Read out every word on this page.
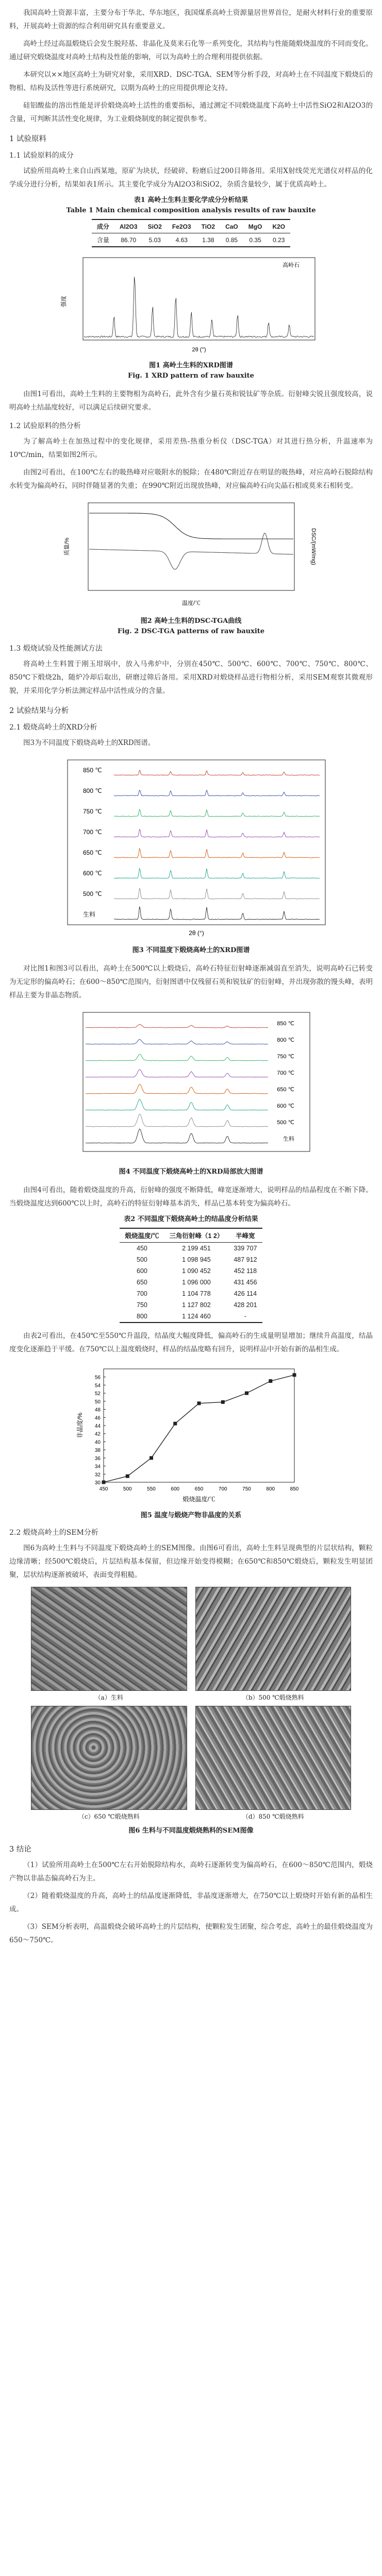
我国高岭土资源丰富，主要分布于华北、华东地区，我国煤系高岭土资源量居世界首位，是耐火材料行业的重要原料，开展高岭土资源的综合利用研究具有重要意义。

高岭土经过高温煅烧后会发生脱羟基、非晶化及莫来石化等一系列变化，其结构与性能随煅烧温度的不同而变化。通过研究煅烧温度对高岭土结构及性能的影响，可以为高岭土的合理利用提供依据。

本研究以××地区高岭土为研究对象，采用XRD、DSC-TGA、SEM等分析手段，对高岭土在不同温度下煅烧后的物相、结构及活性等进行系统研究，以期为高岭土的应用提供理论支持。

硅铝酸盐的溶出性能是评价煅烧高岭土活性的重要指标，通过测定不同煅烧温度下高岭土中活性SiO2和Al2O3的含量，可判断其活性变化规律，为工业煅烧制度的制定提供参考。

1 试验原料
1.1 试验原料的成分

试验所用高岭土来自山西某地，原矿为块状，经破碎、粉磨后过200目筛备用。采用X射线荧光光谱仪对样品的化学成分进行分析，结果如表1所示。其主要化学成分为Al2O3和SiO2，杂质含量较少，属于优质高岭土。

表1 高岭土生料主要化学成分分析结果
Table 1 Main chemical composition analysis results of raw bauxite
成分	Al2O3	SiO2	Fe2O3	TiO2	CaO	MgO	K2O
含量	86.70	5.03	4.63	1.38	0.85	0.35	0.23
高岭石
2θ (°)
强度
图1 高岭土生料的XRD图谱
Fig. 1 XRD pattern of raw bauxite

由图1可看出，高岭土生料的主要物相为高岭石，此外含有少量石英和锐钛矿等杂质。衍射峰尖锐且强度较高，说明高岭土结晶度较好，可以满足后续研究要求。

1.2 试验原料的热分析

为了解高岭土在加热过程中的变化规律，采用差热-热重分析仪（DSC-TGA）对其进行热分析，升温速率为10℃/min，结果如图2所示。

由图2可看出，在100℃左右的吸热峰对应吸附水的脱除；在480℃附近存在明显的吸热峰，对应高岭石脱除结构水转变为偏高岭石，同时伴随显著的失重；在990℃附近出现放热峰，对应偏高岭石向尖晶石相或莫来石相转变。

温度/℃
质量/%	DSC/(mW/mg)
图2 高岭土生料的DSC-TGA曲线
Fig. 2 DSC-TGA patterns of raw bauxite
1.3 煅烧试验及性能测试方法

将高岭土生料置于刚玉坩埚中，放入马弗炉中，分别在450℃、500℃、600℃、700℃、750℃、800℃、850℃下煅烧2h，随炉冷却后取出，研磨过筛后备用。采用XRD对煅烧样品进行物相分析，采用SEM观察其微观形貌，并采用化学分析法测定样品中活性成分的含量。

2 试验结果与分析
2.1 煅烧高岭土的XRD分析

图3为不同温度下煅烧高岭土的XRD图谱。

850 ℃
800 ℃
750 ℃
700 ℃
650 ℃
600 ℃
500 ℃
生料
2θ (°)
图3 不同温度下煅烧高岭土的XRD图谱

对比图1和图3可以看出，高岭土在500℃以上煅烧后，高岭石特征衍射峰逐渐减弱直至消失，说明高岭石已转变为无定形的偏高岭石；在600～850℃范围内，衍射图谱中仅残留石英和锐钛矿的衍射峰，并出现弥散的馒头峰，表明样品主要为非晶态物质。

850 ℃
800 ℃
750 ℃
700 ℃
650 ℃
600 ℃
500 ℃
生料
图4 不同温度下煅烧高岭土的XRD局部放大图谱

由图4可看出，随着煅烧温度的升高，衍射峰的强度不断降低，峰宽逐渐增大，说明样品的结晶程度在不断下降。当煅烧温度达到600℃以上时，高岭石的特征衍射峰基本消失，样品已基本转变为偏高岭石。

表2 不同温度下煅烧高岭土的结晶度分析结果
煅烧温度/℃	三角衍射峰（1 2）	半峰宽
450	2 199 451	339 707
500	1 098 945	487 912
600	1 090 452	452 118
650	1 096 000	431 456
700	1 104 778	426 114
750	1 127 802	428 201
800	1 124 460	-

由表2可看出，在450℃至550℃升温段，结晶度大幅度降低，偏高岭石的生成量明显增加；继续升高温度，结晶度变化逐渐趋于平缓。在750℃以上温度煅烧时，样品的结晶度略有回升，说明样品中开始有新的晶相生成。

30
32
34
36
38
40
42
44
46
48
50
52
54
56
450	500	550	600	650	700	750	800	850
煅烧温度/℃
非晶度/%
图5 温度与煅烧产物非晶度的关系
2.2 煅烧高岭土的SEM分析

图6为高岭土生料与不同温度下煅烧高岭土的SEM图像。由图6可看出，高岭土生料呈现典型的片层状结构，颗粒边缘清晰；经500℃煅烧后，片层结构基本保留，但边缘开始变得模糊；在650℃和850℃煅烧后，颗粒发生明显团聚，层状结构逐渐被破坏，表面变得粗糙。

（a）生料	（b）500 ℃煅烧熟料
（c）650 ℃煅烧熟料	（d）850 ℃煅烧熟料
图6 生料与不同温度煅烧熟料的SEM图像
3 结论

（1）试验所用高岭土在500℃左右开始脱除结构水，高岭石逐渐转变为偏高岭石，在600～850℃范围内，煅烧产物以非晶态偏高岭石为主。

（2）随着煅烧温度的升高，高岭土的结晶度逐渐降低，非晶度逐渐增大，在750℃以上煅烧时开始有新的晶相生成。

（3）SEM分析表明，高温煅烧会破坏高岭土的片层结构，使颗粒发生团聚，综合考虑，高岭土的最佳煅烧温度为650～750℃。
